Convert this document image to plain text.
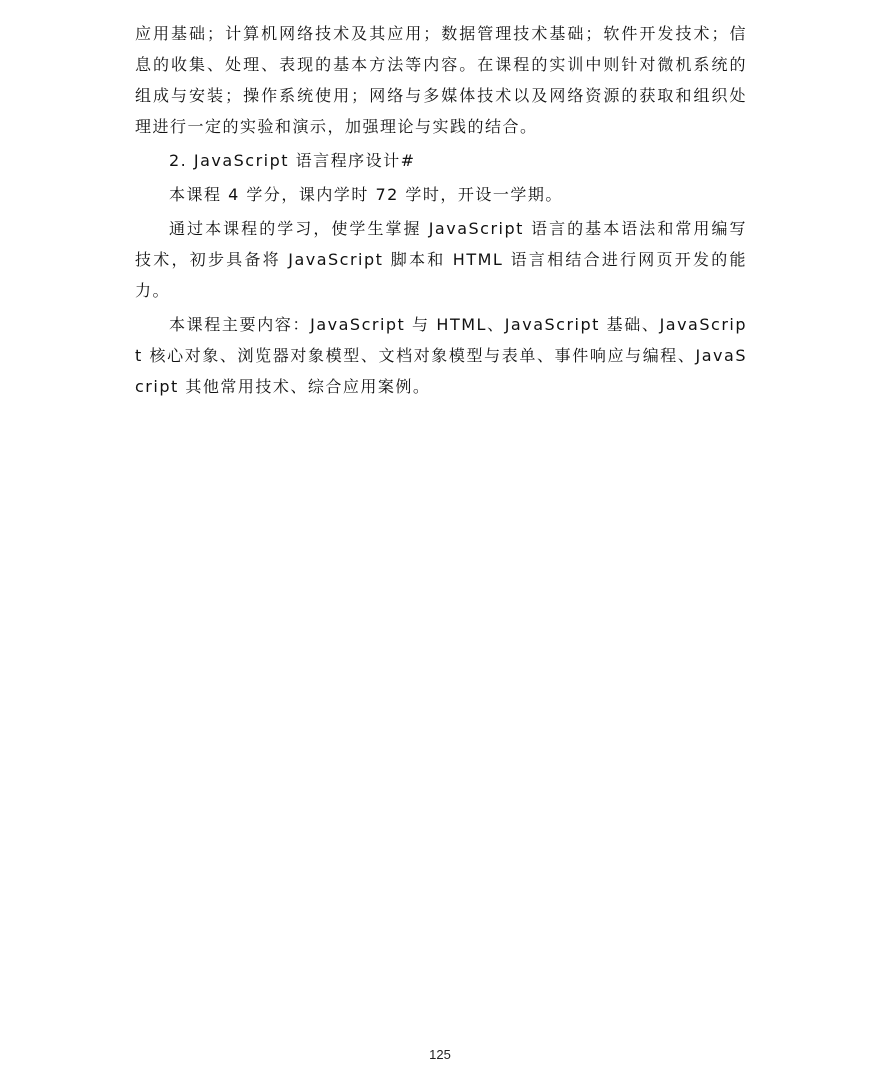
应用基础；计算机网络技术及其应用；数据管理技术基础；软件开发技术；信息的收集、处理、表现的基本方法等内容。在课程的实训中则针对微机系统的组成与安装；操作系统使用；网络与多媒体技术以及网络资源的获取和组织处理进行一定的实验和演示，加强理论与实践的结合。

2. JavaScript 语言程序设计#

本课程 4 学分，课内学时 72 学时，开设一学期。

通过本课程的学习，使学生掌握 JavaScript 语言的基本语法和常用编写技术，初步具备将 JavaScript 脚本和 HTML 语言相结合进行网页开发的能力。

本课程主要内容：JavaScript 与 HTML、JavaScript 基础、JavaScript 核心对象、浏览器对象模型、文档对象模型与表单、事件响应与编程、JavaScript 其他常用技术、综合应用案例。

125
